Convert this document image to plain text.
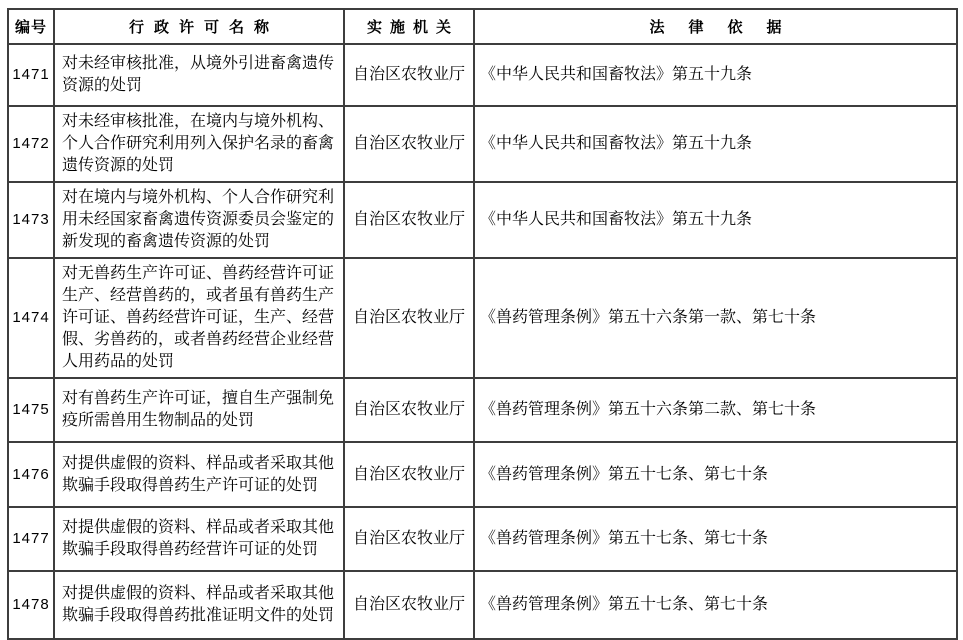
编号	行政许可名称	实施机关	法律依据
1471	对未经审核批准，从境外引进畜禽遗传资源的处罚	自治区农牧业厅	《中华人民共和国畜牧法》第五十九条
1472	对未经审核批准，在境内与境外机构、个人合作研究利用列入保护名录的畜禽遗传资源的处罚	自治区农牧业厅	《中华人民共和国畜牧法》第五十九条
1473	对在境内与境外机构、个人合作研究利用未经国家畜禽遗传资源委员会鉴定的新发现的畜禽遗传资源的处罚	自治区农牧业厅	《中华人民共和国畜牧法》第五十九条
1474	对无兽药生产许可证、兽药经营许可证生产、经营兽药的，或者虽有兽药生产许可证、兽药经营许可证，生产、经营假、劣兽药的，或者兽药经营企业经营人用药品的处罚	自治区农牧业厅	《兽药管理条例》第五十六条第一款、第七十条
1475	对有兽药生产许可证，擅自生产强制免疫所需兽用生物制品的处罚	自治区农牧业厅	《兽药管理条例》第五十六条第二款、第七十条
1476	对提供虚假的资料、样品或者采取其他欺骗手段取得兽药生产许可证的处罚	自治区农牧业厅	《兽药管理条例》第五十七条、第七十条
1477	对提供虚假的资料、样品或者采取其他欺骗手段取得兽药经营许可证的处罚	自治区农牧业厅	《兽药管理条例》第五十七条、第七十条
1478	对提供虚假的资料、样品或者采取其他欺骗手段取得兽药批准证明文件的处罚	自治区农牧业厅	《兽药管理条例》第五十七条、第七十条
